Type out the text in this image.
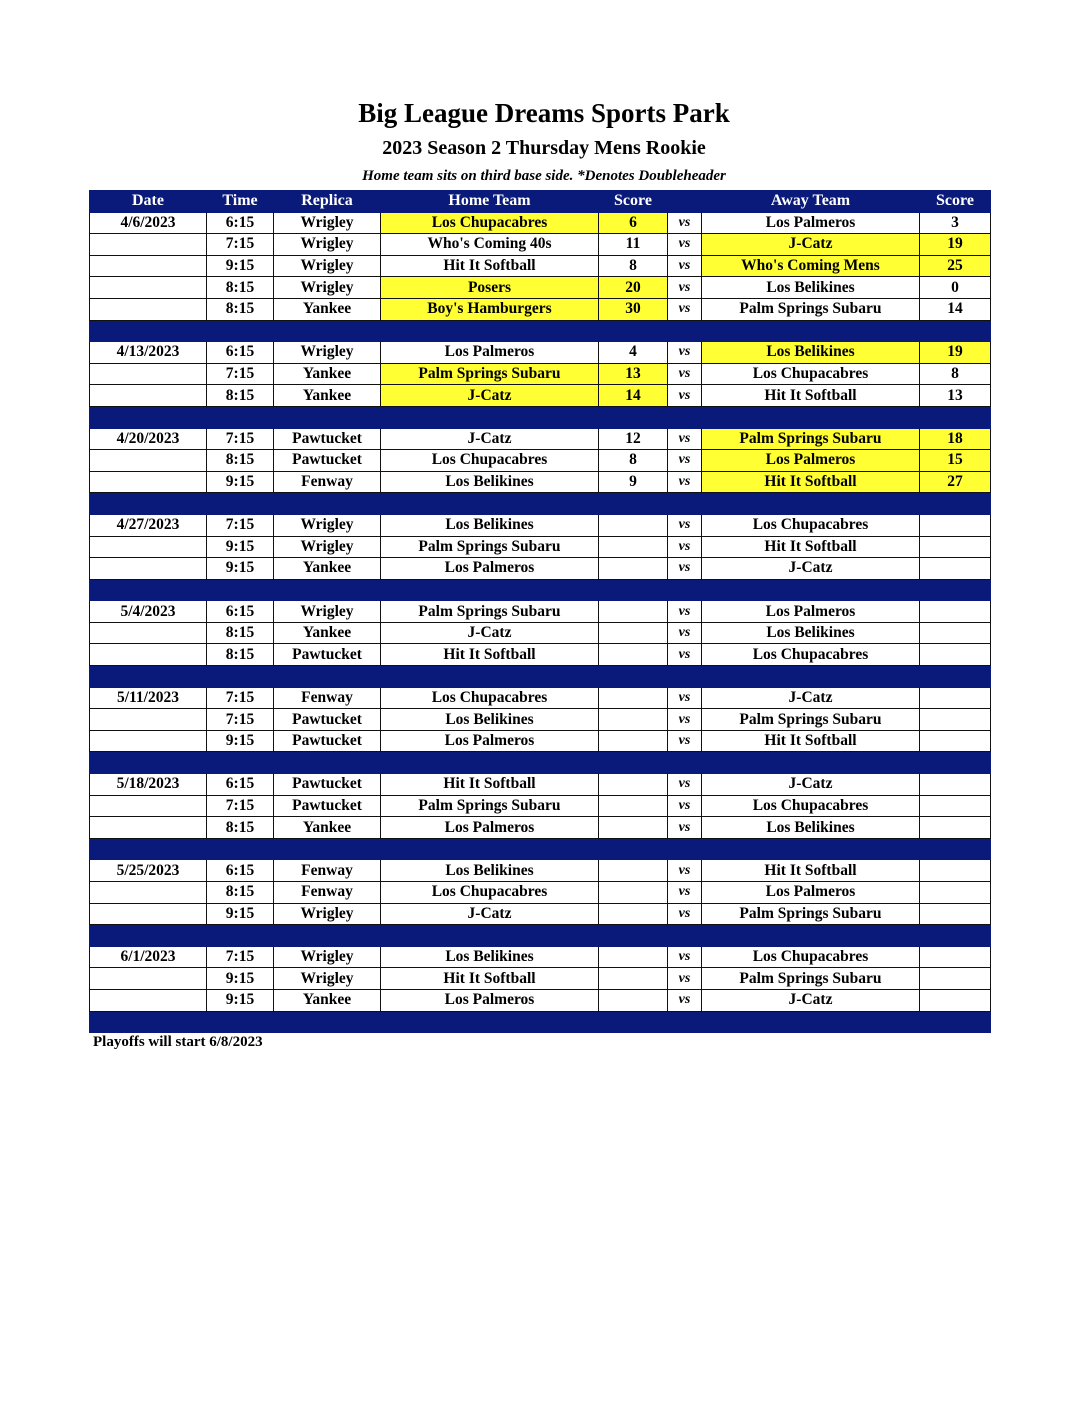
Big League Dreams Sports Park
2023 Season 2 Thursday Mens Rookie
Home team sits on third base side. *Denotes Doubleheader
Date	Time	Replica	Home Team	Score		Away Team	Score
4/6/2023	6:15	Wrigley	Los Chupacabres	6	vs	Los Palmeros	3
	7:15	Wrigley	Who's Coming 40s	11	vs	J-Catz	19
	9:15	Wrigley	Hit It Softball	8	vs	Who's Coming Mens	25
	8:15	Wrigley	Posers	20	vs	Los Belikines	0
	8:15	Yankee	Boy's Hamburgers	30	vs	Palm Springs Subaru	14

4/13/2023	6:15	Wrigley	Los Palmeros	4	vs	Los Belikines	19
	7:15	Yankee	Palm Springs Subaru	13	vs	Los Chupacabres	8
	8:15	Yankee	J-Catz	14	vs	Hit It Softball	13

4/20/2023	7:15	Pawtucket	J-Catz	12	vs	Palm Springs Subaru	18
	8:15	Pawtucket	Los Chupacabres	8	vs	Los Palmeros	15
	9:15	Fenway	Los Belikines	9	vs	Hit It Softball	27

4/27/2023	7:15	Wrigley	Los Belikines		vs	Los Chupacabres	
	9:15	Wrigley	Palm Springs Subaru		vs	Hit It Softball	
	9:15	Yankee	Los Palmeros		vs	J-Catz	

5/4/2023	6:15	Wrigley	Palm Springs Subaru		vs	Los Palmeros	
	8:15	Yankee	J-Catz		vs	Los Belikines	
	8:15	Pawtucket	Hit It Softball		vs	Los Chupacabres	

5/11/2023	7:15	Fenway	Los Chupacabres		vs	J-Catz	
	7:15	Pawtucket	Los Belikines		vs	Palm Springs Subaru	
	9:15	Pawtucket	Los Palmeros		vs	Hit It Softball	

5/18/2023	6:15	Pawtucket	Hit It Softball		vs	J-Catz	
	7:15	Pawtucket	Palm Springs Subaru		vs	Los Chupacabres	
	8:15	Yankee	Los Palmeros		vs	Los Belikines	

5/25/2023	6:15	Fenway	Los Belikines		vs	Hit It Softball	
	8:15	Fenway	Los Chupacabres		vs	Los Palmeros	
	9:15	Wrigley	J-Catz		vs	Palm Springs Subaru	

6/1/2023	7:15	Wrigley	Los Belikines		vs	Los Chupacabres	
	9:15	Wrigley	Hit It Softball		vs	Palm Springs Subaru	
	9:15	Yankee	Los Palmeros		vs	J-Catz	

Playoffs will start 6/8/2023
